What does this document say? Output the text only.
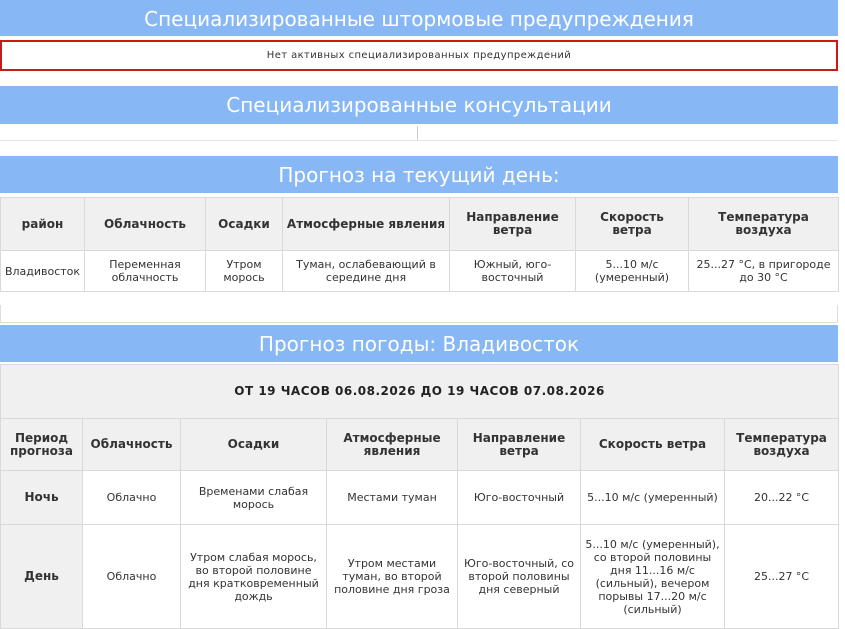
Специализированные штормовые предупреждения
Нет активных специализированных предупреждений
Специализированные консультации
Прогноз на текущий день:
район	Облачность	Осадки	Атмосферные явления	Направление ветра	Скорость ветра	Температура воздуха
Владивосток	Переменная облачность	Утром морось	Туман, ослабевающий в середине дня	Южный, юго-восточный	5...10 м/с (умеренный)	25...27 °C, в пригороде до 30 °C
Прогноз погоды: Владивосток
ОТ 19 ЧАСОВ 06.08.2026 ДО 19 ЧАСОВ 07.08.2026						
Период прогноза	Облачность	Осадки	Атмосферные явления	Направление ветра	Скорость ветра	Температура воздуха
Ночь	Облачно	Временами слабая морось	Местами туман	Юго-восточный	5...10 м/с (умеренный)	20...22 °C
День	Облачно	Утром слабая морось, во второй половине дня кратковременный дождь	Утром местами туман, во второй половине дня гроза	Юго-восточный, со второй половины дня северный	5...10 м/с (умеренный), со второй половины дня 11...16 м/с (сильный), вечером порывы 17...20 м/с (сильный)	25...27 °C
